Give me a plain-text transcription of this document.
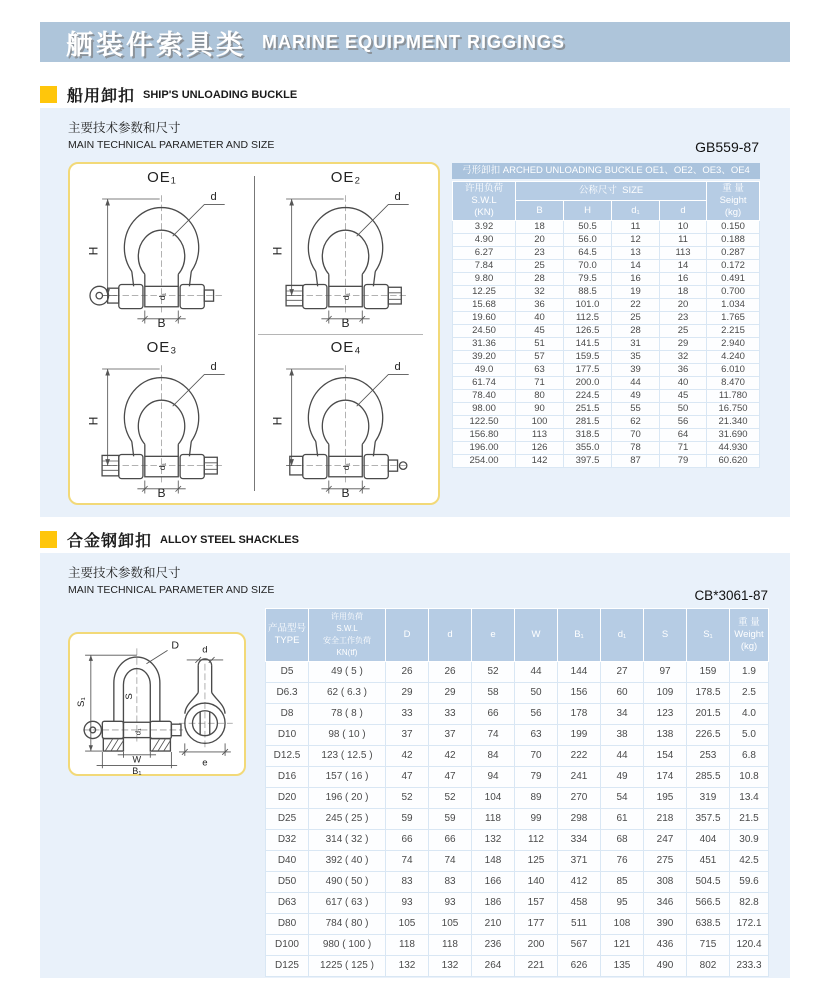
舾装件索具类 MARINE EQUIPMENT RIGGINGS
船用卸扣 SHIP'S UNLOADING BUCKLE
主要技术参数和尺寸
MAIN TECHNICAL PARAMETER AND SIZE	GB559-87
OE₁
H
B
d
d₁
OE₂
H
B
d
d₁
OE₃
H
B
d
d₁
OE₄
H
B
d
d₁
弓形卸扣 ARCHED UNLOADING BUCKLE OE1、OE2、OE3、OE4
许用负荷
S.W.L
(KN)	公称尺寸 SIZE				重 量
Seight
(kg)
	B	H	d₁	d	
3.92	18	50.5	11	10	0.150
4.90	20	56.0	12	11	0.188
6.27	23	64.5	13	113	0.287
7.84	25	70.0	14	14	0.172
9.80	28	79.5	16	16	0.491
12.25	32	88.5	19	18	0.700
15.68	36	101.0	22	20	1.034
19.60	40	112.5	25	23	1.765
24.50	45	126.5	28	25	2.215
31.36	51	141.5	31	29	2.940
39.20	57	159.5	35	32	4.240
49.0	63	177.5	39	36	6.010
61.74	71	200.0	44	40	8.470
78.40	80	224.5	49	45	11.780
98.00	90	251.5	55	50	16.750
122.50	100	281.5	62	56	21.340
156.80	113	318.5	70	64	31.690
196.00	126	355.0	78	71	44.930
254.00	142	397.5	87	79	60.620
合金钢卸扣 ALLOY STEEL SHACKLES
主要技术参数和尺寸
MAIN TECHNICAL PARAMETER AND SIZE	CB*3061-87
D
S₁
S
d₁
W
B₁
d
e
产品型号
TYPE	许用负荷
S.W.L
安全工作负荷
KN(tf)	D	d	e	W	B₁	d₁	S	S₁	重 量
Weight
(kg)
D5	49 ( 5 )	26	26	52	44	144	27	97	159	1.9
D6.3	62 ( 6.3 )	29	29	58	50	156	60	109	178.5	2.5
D8	78 ( 8 )	33	33	66	56	178	34	123	201.5	4.0
D10	98 ( 10 )	37	37	74	63	199	38	138	226.5	5.0
D12.5	123 ( 12.5 )	42	42	84	70	222	44	154	253	6.8
D16	157 ( 16 )	47	47	94	79	241	49	174	285.5	10.8
D20	196 ( 20 )	52	52	104	89	270	54	195	319	13.4
D25	245 ( 25 )	59	59	118	99	298	61	218	357.5	21.5
D32	314 ( 32 )	66	66	132	112	334	68	247	404	30.9
D40	392 ( 40 )	74	74	148	125	371	76	275	451	42.5
D50	490 ( 50 )	83	83	166	140	412	85	308	504.5	59.6
D63	617 ( 63 )	93	93	186	157	458	95	346	566.5	82.8
D80	784 ( 80 )	105	105	210	177	511	108	390	638.5	172.1
D100	980 ( 100 )	118	118	236	200	567	121	436	715	120.4
D125	1225 ( 125 )	132	132	264	221	626	135	490	802	233.3
